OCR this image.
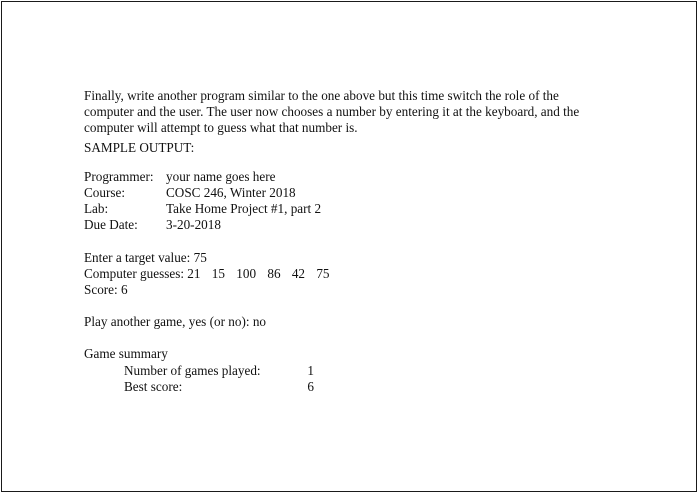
Finally, write another program similar to the one above but this time switch the role of the

computer and the user. The user now chooses a number by entering it at the keyboard, and the

computer will attempt to guess what that number is.

SAMPLE OUTPUT:
Programmer: your name goes here
Course:	COSC 246, Winter 2018
Lab:	Take Home Project #1, part 2
Due Date:	3-20-2018
Enter a target value: 75
Computer guesses: 21 15 100 86 42 75
Score: 6
Play another game, yes (or no): no
Game summary
Number of games played:	1
Best score:	6
